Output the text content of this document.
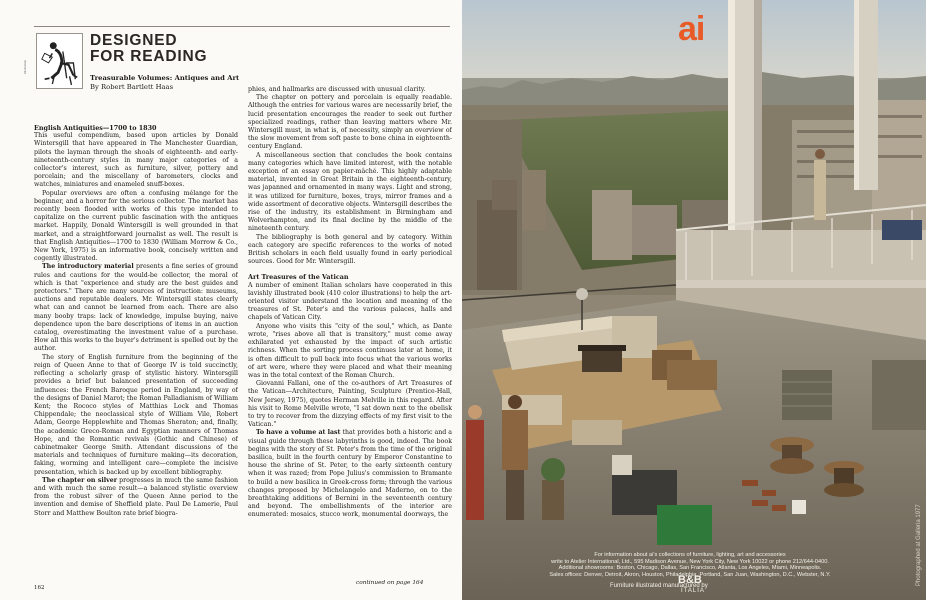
Illustration
DESIGNED
FOR READING
Treasurable Volumes: Antiques and Art
By Robert Bartlett Haas
English Antiquities—1700 to 1830

This useful compendium, based upon articles by Donald Wintersgill that have appeared in The Manchester Guardian, pilots the layman through the shoals of eighteenth- and early-nineteenth-century styles in many major categories of a collector's interest, such as furniture, silver, pottery and porcelain; and the miscellany of barometers, clocks and watches, miniatures and enameled snuff-boxes.

Popular overviews are often a confusing mélange for the beginner, and a horror for the serious collector. The market has recently been flooded with works of this type intended to capitalize on the current public fascination with the antiques market. Happily, Donald Wintersgill is well grounded in that market, and a straightforward journalist as well. The result is that English Antiquities—1700 to 1830 (William Morrow & Co., New York, 1975) is an informative book, concisely written and cogently illustrated.

The introductory material presents a fine series of ground rules and cautions for the would-be collector, the moral of which is that "experience and study are the best guides and protectors." There are many sources of instruction: museums, auctions and reputable dealers. Mr. Wintersgill states clearly what can and cannot be learned from each. There are also many booby traps: lack of knowledge, impulse buying, naive dependence upon the bare descriptions of items in an auction catalog, overestimating the investment value of a purchase. How all this works to the buyer's detriment is spelled out by the author.

The story of English furniture from the beginning of the reign of Queen Anne to that of George IV is told succinctly, reflecting a scholarly grasp of stylistic history. Wintersgill provides a brief but balanced presentation of succeeding influences: the French Baroque period in England, by way of the designs of Daniel Marot; the Roman Palladianism of William Kent; the Rococo styles of Matthias Lock and Thomas Chippendale; the neoclassical style of William Vile, Robert Adam, George Hepplewhite and Thomas Sheraton; and, finally, the academic Greco-Roman and Egyptian manners of Thomas Hope, and the Romantic revivals (Gothic and Chinese) of cabinetmaker George Smith. Attendant discussions of the materials and techniques of furniture making—its decoration, faking, worming and intelligent care—complete the incisive presentation, which is backed up by excellent bibliography.

The chapter on silver progresses in much the same fashion and with much the same result—a balanced stylistic overview from the robust silver of the Queen Anne period to the invention and demise of Sheffield plate. Paul De Lamerie, Paul Storr and Matthew Boulton rate brief biogra-

phies, and hallmarks are discussed with unusual clarity.

The chapter on pottery and porcelain is equally readable. Although the entries for various wares are necessarily brief, the lucid presentation encourages the reader to seek out further specialized readings, rather than leaving matters where Mr. Wintersgill must, in what is, of necessity, simply an overview of the slow movement from soft paste to bone china in eighteenth-century England.

A miscellaneous section that concludes the book contains many categories which have limited interest, with the notable exception of an essay on papier-mâché. This highly adaptable material, invented in Great Britain in the eighteenth-century, was japanned and ornamented in many ways. Light and strong, it was utilized for furniture, boxes, trays, mirror frames and a wide assortment of decorative objects. Wintersgill describes the rise of the industry, its establishment in Birmingham and Wolverhampton, and its final decline by the middle of the nineteenth century.

The bibliography is both general and by category. Within each category are specific references to the works of noted British scholars in each field usually found in early periodical sources. Good for Mr. Wintersgill.

Art Treasures of the Vatican

A number of eminent Italian scholars have cooperated in this lavishly illustrated book (410 color illustrations) to help the art-oriented visitor understand the location and meaning of the treasures of St. Peter's and the various palaces, halls and chapels of Vatican City.

Anyone who visits this "city of the soul," which, as Dante wrote, "rises above all that is transitory," must come away exhilarated yet exhausted by the impact of such artistic richness. When the sorting process continues later at home, it is often difficult to pull back into focus what the various works of art were, where they were placed and what their meaning was in the total context of the Roman Church.

Giovanni Fallani, one of the co-authors of Art Treasures of the Vatican—Architecture, Painting, Sculpture (Prentice-Hall, New Jersey, 1975), quotes Herman Melville in this regard. After his visit to Rome Melville wrote, "I sat down next to the obelisk to try to recover from the dizzying effects of my first visit to the Vatican."

To have a volume at last that provides both a historic and a visual guide through these labyrinths is good, indeed. The book begins with the story of St. Peter's from the time of the original basilica, built in the fourth century by Emperor Constantine to house the shrine of St. Peter, to the early sixteenth century when it was razed; from Pope Julius's commission to Bramante to build a new basilica in Greek-cross form; through the various changes proposed by Michelangelo and Maderno, on to the breathtaking additions of Bernini in the seventeenth century and beyond. The embellishments of the interior are enumerated: mosaics, stucco work, monumental doorways, the

162
continued on page 164
ai
For information about ai's collections of furniture, lighting, art and accessories
write to Atelier International, Ltd., 595 Madison Avenue, New York City, New York 10022 or phone 212/644-0400.
Additional showrooms: Boston, Chicago, Dallas, San Francisco, Atlanta, Los Angeles, Miami, Minneapolis.
Sales offices: Denver, Detroit, Akron, Houston, Philadelphia, Portland, San Juan, Washington, D.C., Webster, N.Y.
Furniture illustrated manufactured by
B&B
ITALIA
Photographed at Galleria 1977
